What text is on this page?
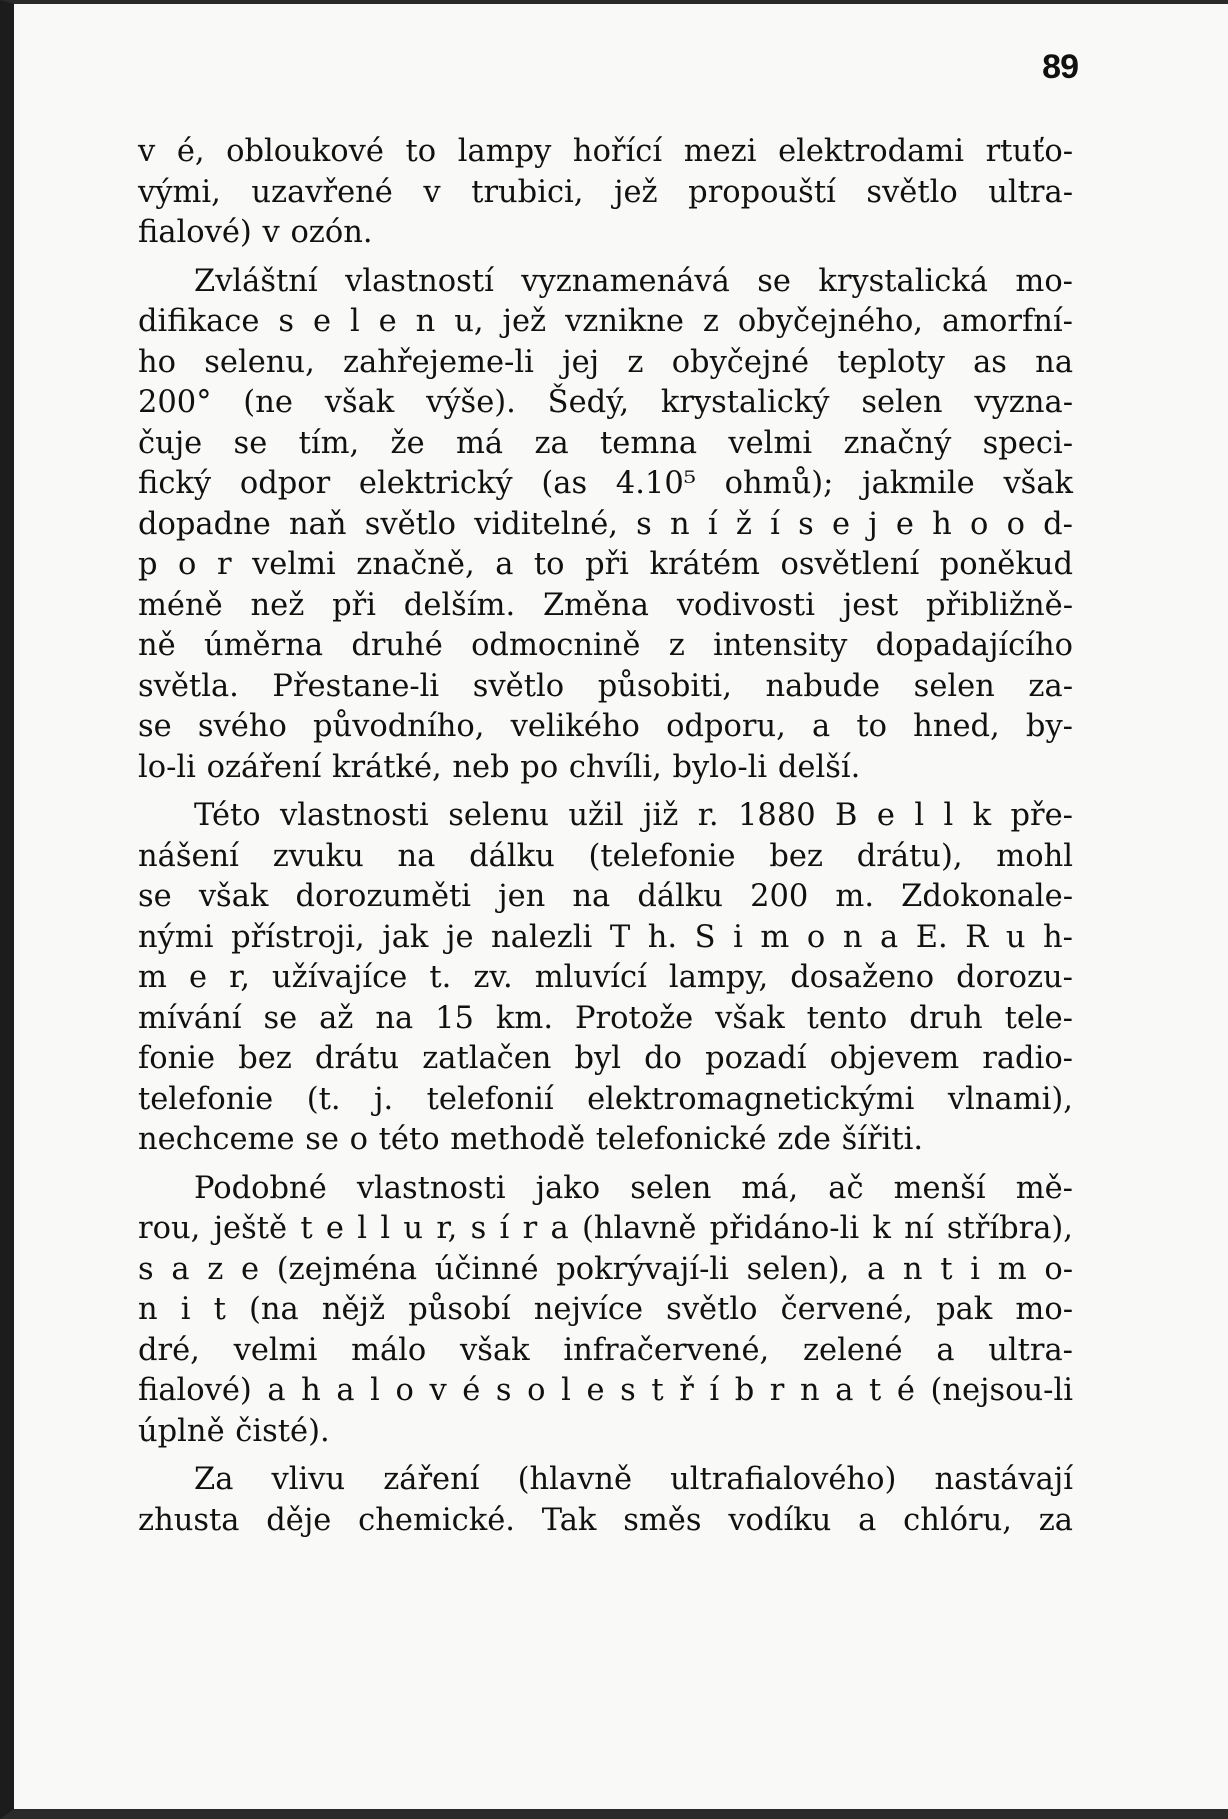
89
v é, obloukové to lampy hořící mezi elektrodami rtuťo-
vými, uzavřené v trubici, jež propouští světlo ultra-
fialové) v ozón.
Zvláštní vlastností vyznamenává se krystalická mo-
difikace s e l e n u, jež vznikne z obyčejného, amorfní-
ho selenu, zahřejeme-li jej z obyčejné teploty as na
200° (ne však výše). Šedý, krystalický selen vyzna-
čuje se tím, že má za temna velmi značný speci-
fický odpor elektrický (as 4.10⁵ ohmů); jakmile však
dopadne naň světlo viditelné, s n í ž í s e j e h o o d-
p o r velmi značně, a to při krátém osvětlení poněkud
méně než při delším. Změna vodivosti jest přibližně-
ně úměrna druhé odmocnině z intensity dopadajícího
světla. Přestane-li světlo působiti, nabude selen za-
se svého původního, velikého odporu, a to hned, by-
lo-li ozáření krátké, neb po chvíli, bylo-li delší.
Této vlastnosti selenu užil již r. 1880 B e l l k pře-
nášení zvuku na dálku (telefonie bez drátu), mohl
se však dorozuměti jen na dálku 200 m. Zdokonale-
nými přístroji, jak je nalezli T h. S i m o n a E. R u h-
m e r, užívajíce t. zv. mluvící lampy, dosaženo dorozu-
mívání se až na 15 km. Protože však tento druh tele-
fonie bez drátu zatlačen byl do pozadí objevem radio-
telefonie (t. j. telefonií elektromagnetickými vlnami),
nechceme se o této methodě telefonické zde šířiti.
Podobné vlastnosti jako selen má, ač menší mě-
rou, ještě t e l l u r, s í r a (hlavně přidáno-li k ní stříbra),
s a z e (zejména účinné pokrývají-li selen), a n t i m o-
n i t (na nějž působí nejvíce světlo červené, pak mo-
dré, velmi málo však infračervené, zelené a ultra-
fialové) a h a l o v é s o l e s t ř í b r n a t é (nejsou-li
úplně čisté).
Za vlivu záření (hlavně ultrafialového) nastávají
zhusta děje chemické. Tak směs vodíku a chlóru, za
